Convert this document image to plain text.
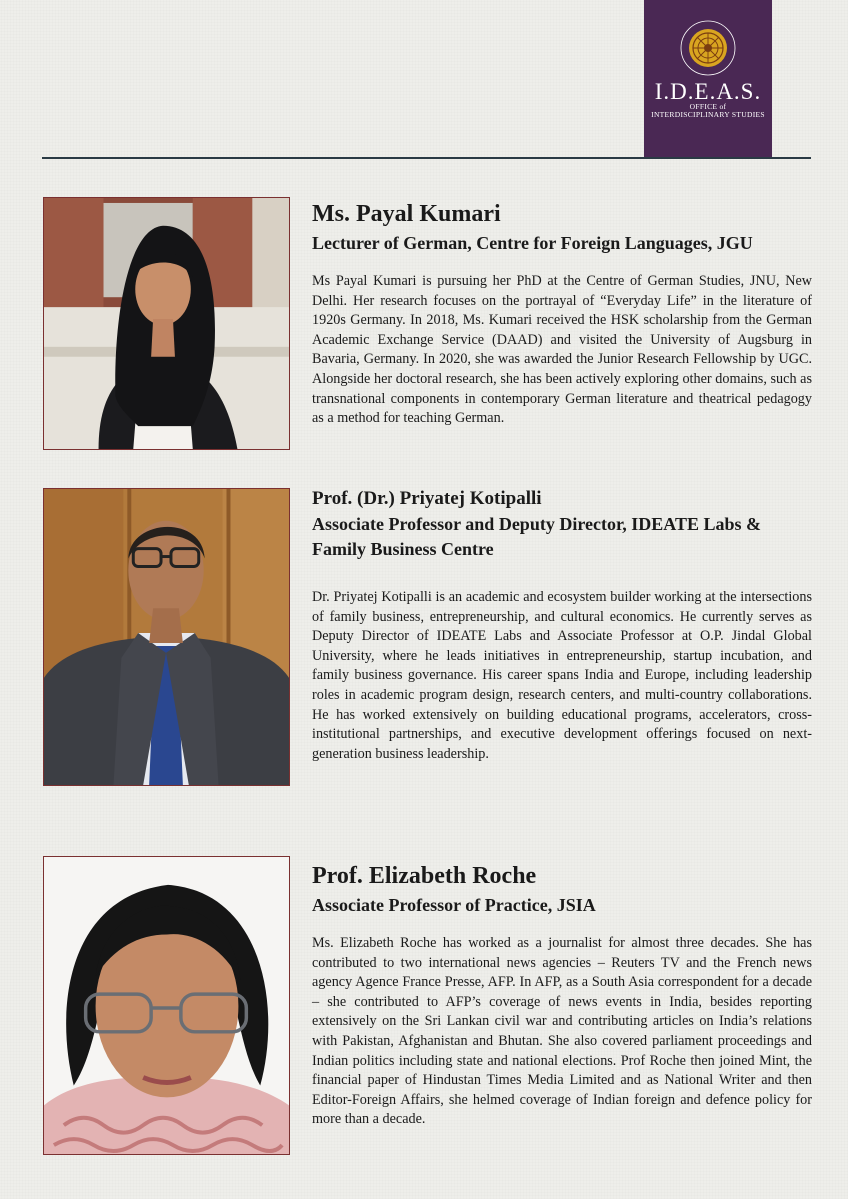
I.D.E.A.S.
OFFICE of
INTERDISCIPLINARY STUDIES
Ms. Payal Kumari
Lecturer of German, Centre for Foreign Languages, JGU
Ms Payal Kumari is pursuing her PhD at the Centre of German Studies, JNU, New Delhi. Her research focuses on the portrayal of “Everyday Life” in the literature of 1920s Germany. In 2018, Ms. Kumari received the HSK scholarship from the German Academic Exchange Service (DAAD) and visited the University of Augsburg in Bavaria, Germany. In 2020, she was awarded the Junior Research Fellowship by UGC. Alongside her doctoral research, she has been actively exploring other domains, such as transnational components in contemporary German literature and theatrical pedagogy as a method for teaching German.
Prof. (Dr.) Priyatej Kotipalli
Associate Professor and Deputy Director, IDEATE Labs & Family Business Centre
Dr. Priyatej Kotipalli is an academic and ecosystem builder working at the intersections of family business, entrepreneurship, and cultural economics. He currently serves as Deputy Director of IDEATE Labs and Associate Professor at O.P. Jindal Global University, where he leads initiatives in entrepreneurship, startup incubation, and family business governance. His career spans India and Europe, including leadership roles in academic program design, research centers, and multi-country collaborations. He has worked extensively on building educational programs, accelerators, cross-institutional partnerships, and executive development offerings focused on next-generation business leadership.
Prof. Elizabeth Roche
Associate Professor of Practice, JSIA
Ms. Elizabeth Roche has worked as a journalist for almost three decades. She has contributed to two international news agencies – Reuters TV and the French news agency Agence France Presse, AFP. In AFP, as a South Asia correspondent for a decade – she contributed to AFP’s coverage of news events in India, besides reporting extensively on the Sri Lankan civil war and contributing articles on India’s relations with Pakistan, Afghanistan and Bhutan. She also covered parliament proceedings and Indian politics including state and national elections. Prof Roche then joined Mint, the financial paper of Hindustan Times Media Limited and as National Writer and then Editor-Foreign Affairs, she helmed coverage of Indian foreign and defence policy for more than a decade.
